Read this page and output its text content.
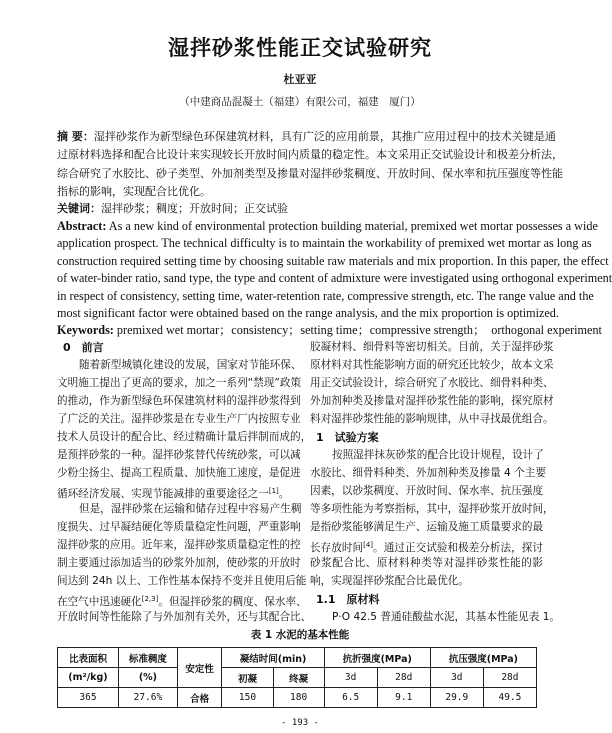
湿拌砂浆性能正交试验研究
杜亚亚
（中建商品混凝土（福建）有限公司，福建　厦门）
摘 要：湿拌砂浆作为新型绿色环保建筑材料，具有广泛的应用前景，其推广应用过程中的技术关键是通
过原材料选择和配合比设计来实现较长开放时间内质量的稳定性。本文采用正交试验设计和极差分析法，
综合研究了水胶比、砂子类型、外加剂类型及掺量对湿拌砂浆稠度、开放时间、保水率和抗压强度等性能
指标的影响，实现配合比优化。
关键词：湿拌砂浆；稠度；开放时间；正交试验
Abstract: As a new kind of environmental protection building material, premixed wet mortar possesses a wide
application prospect. The technical difficulty is to maintain the workability of premixed wet mortar as long as
construction required setting time by choosing suitable raw materials and mix proportion. In this paper, the effect
of water-binder ratio, sand type, the type and content of admixture were investigated using orthogonal experiment
in respect of consistency, setting time, water-retention rate, compressive strength, etc. The range value and the
most significant factor were obtained based on the range analysis, and the mix proportion is optimized.
Keywords: premixed wet mortar；consistency；setting time；compressive strength；　orthogonal experiment
0　前言
随着新型城镇化建设的发展，国家对节能环保、
文明施工提出了更高的要求，加之一系列“禁现”政策
的推动，作为新型绿色环保建筑材料的湿拌砂浆得到
了广泛的关注。湿拌砂浆是在专业生产厂内按照专业
技术人员设计的配合比、经过精确计量后拌制而成的，
是预拌砂浆的一种。湿拌砂浆替代传统砂浆，可以减
少粉尘扬尘、提高工程质量、加快施工速度，是促进
循环经济发展、实现节能减排的重要途径之一[1]。
但是，湿拌砂浆在运输和储存过程中容易产生稠
度损失、过早凝结硬化等质量稳定性问题，严重影响
湿拌砂浆的应用。近年来，湿拌砂浆质量稳定性的控
制主要通过添加适当的砂浆外加剂，使砂浆的开放时
间达到 24h 以上、工作性基本保持不变并且使用后能
在空气中迅速硬化[2,3]。但湿拌砂浆的稠度、保水率、
开放时间等性能除了与外加剂有关外，还与其配合比、
胶凝材料、细骨料等密切相关。目前，关于湿拌砂浆
原材料对其性能影响方面的研究还比较少，故本文采
用正交试验设计，综合研究了水胶比、细骨料种类、
外加剂种类及掺量对湿拌砂浆性能的影响，探究原材
料对湿拌砂浆性能的影响规律，从中寻找最优组合。
1　试验方案
按照湿拌抹灰砂浆的配合比设计规程，设计了
水胶比、细骨料种类、外加剂种类及掺量 4 个主要
因素，以砂浆稠度、开放时间、保水率、抗压强度
等多项性能为考察指标，其中，湿拌砂浆开放时间，
是指砂浆能够满足生产、运输及施工质量要求的最
长存放时间[4]。通过正交试验和极差分析法，探讨
砂浆配合比、原材料种类等对湿拌砂浆性能的影
响，实现湿拌砂浆配合比最优化。
1.1　原材料
P·O 42.5 普通硅酸盐水泥，其基本性能见表 1。
表 1 水泥的基本性能
比表面积	标准稠度	安定性	凝结时间(min)		抗折强度(MPa)		抗压强度(MPa)	
(m²/kg)	(%)		初凝	终凝	3d	28d	3d	28d
365	27.6%	合格	150	180	6.5	9.1	29.9	49.5
- 193 -
